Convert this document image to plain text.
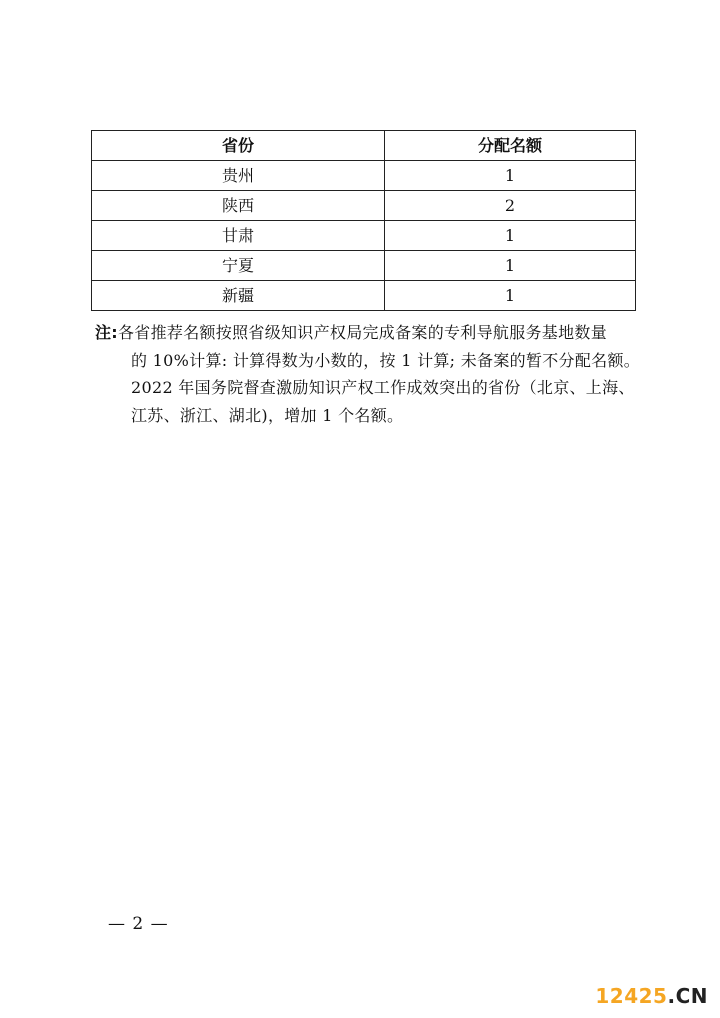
省份	分配名额
贵州	1
陕西	2
甘肃	1
宁夏	1
新疆	1
注:各省推荐名额按照省级知识产权局完成备案的专利导航服务基地数量
的 10%计算: 计算得数为小数的，按 1 计算; 未备案的暂不分配名额。
2022 年国务院督查激励知识产权工作成效突出的省份（北京、上海、
江苏、浙江、湖北)，增加 1 个名额。
— 2 —
12425.CN
